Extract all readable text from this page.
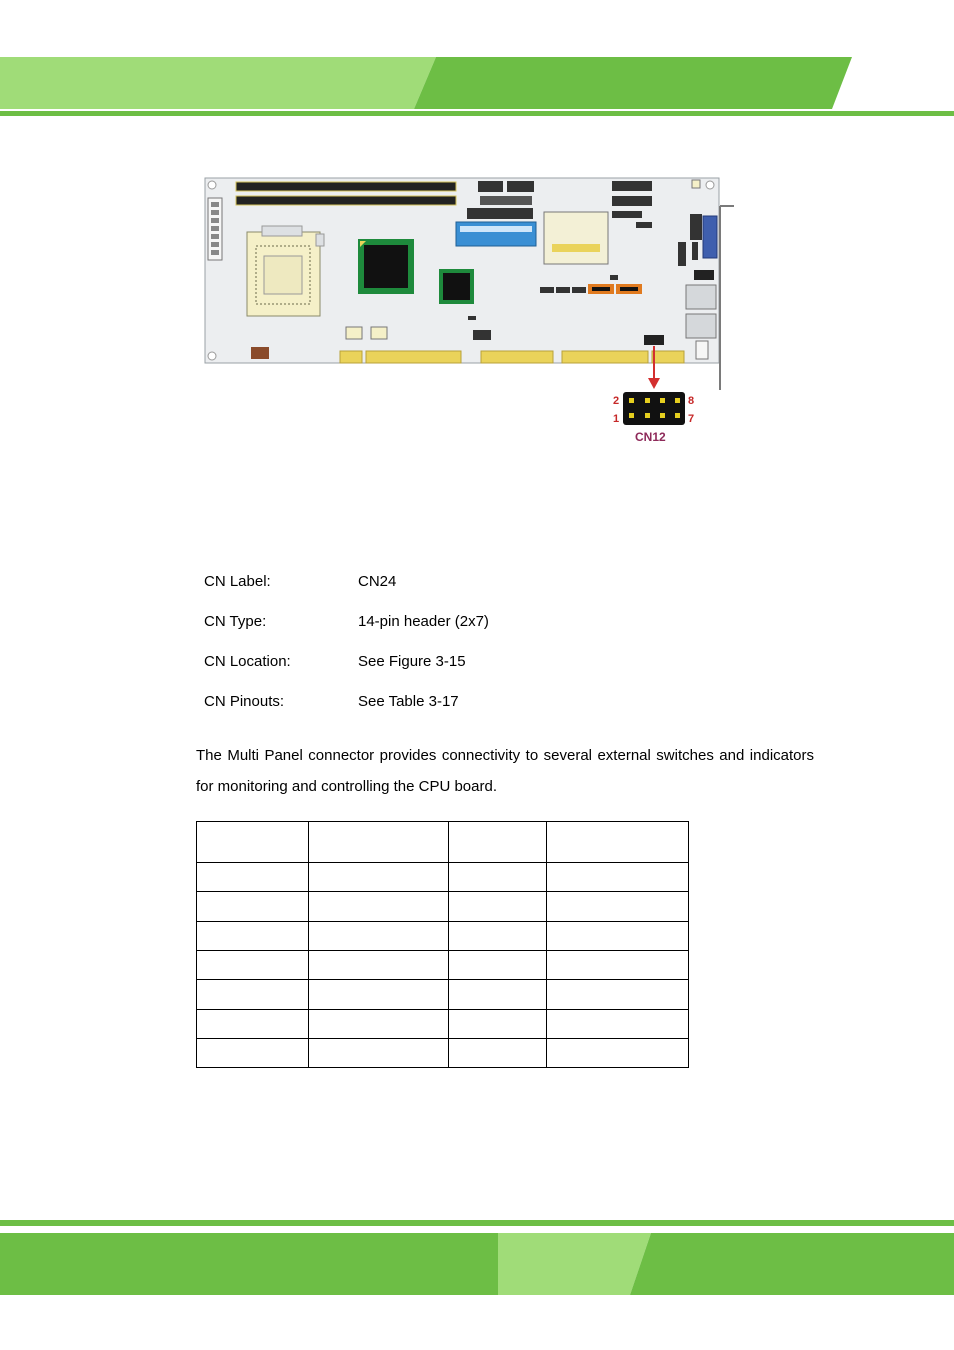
2
1
8
7
CN12
CN Label:	CN24
CN Type:	14-pin header (2x7)
CN Location:	See Figure 3-15
CN Pinouts:	See Table 3-17
The Multi Panel connector provides connectivity to several external switches and indicators for monitoring and controlling the CPU board.
